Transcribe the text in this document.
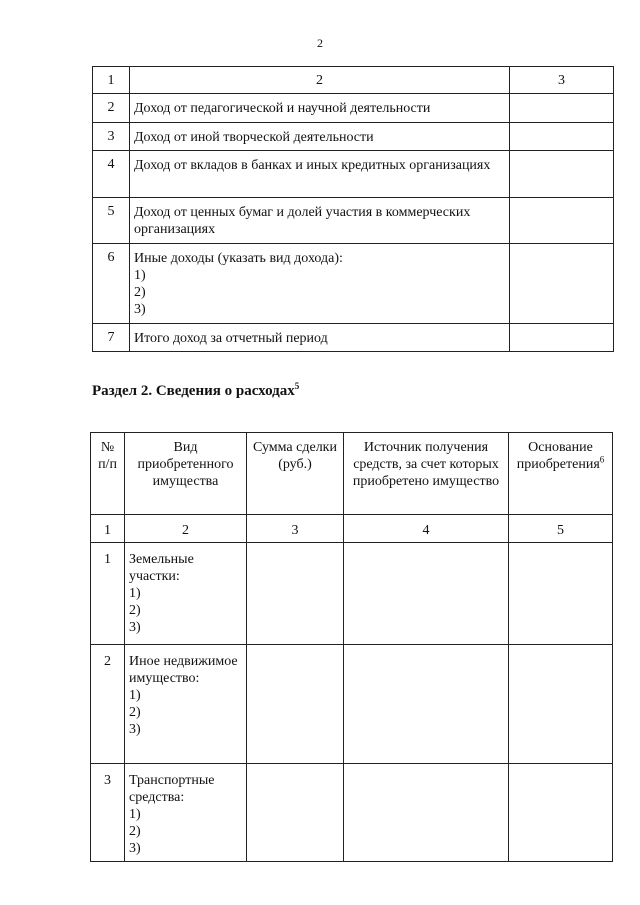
2
1	2	3
2	Доход от педагогической и научной деятельности	
3	Доход от иной творческой деятельности	
4	Доход от вкладов в банках и иных кредитных организациях	
5	Доход от ценных бумаг и долей участия в коммерческих организациях	
6	Иные доходы (указать вид дохода):
1)
2)
3)	

7	Итого доход за отчетный период	
Раздел 2. Сведения о расходах$^5$
№ п/п	Вид приобретенного имущества	Сумма сделки (руб.)	Источник получения средств, за счет которых приобретено имущество	Основание приобретения$^6$
1	2	3	4	5
1	Земельные участки:
1)
2)
3)			

2	Иное недвижимое имущество:
1)
2)
3)			

3	Транспортные средства:
1)
2)
3)			
